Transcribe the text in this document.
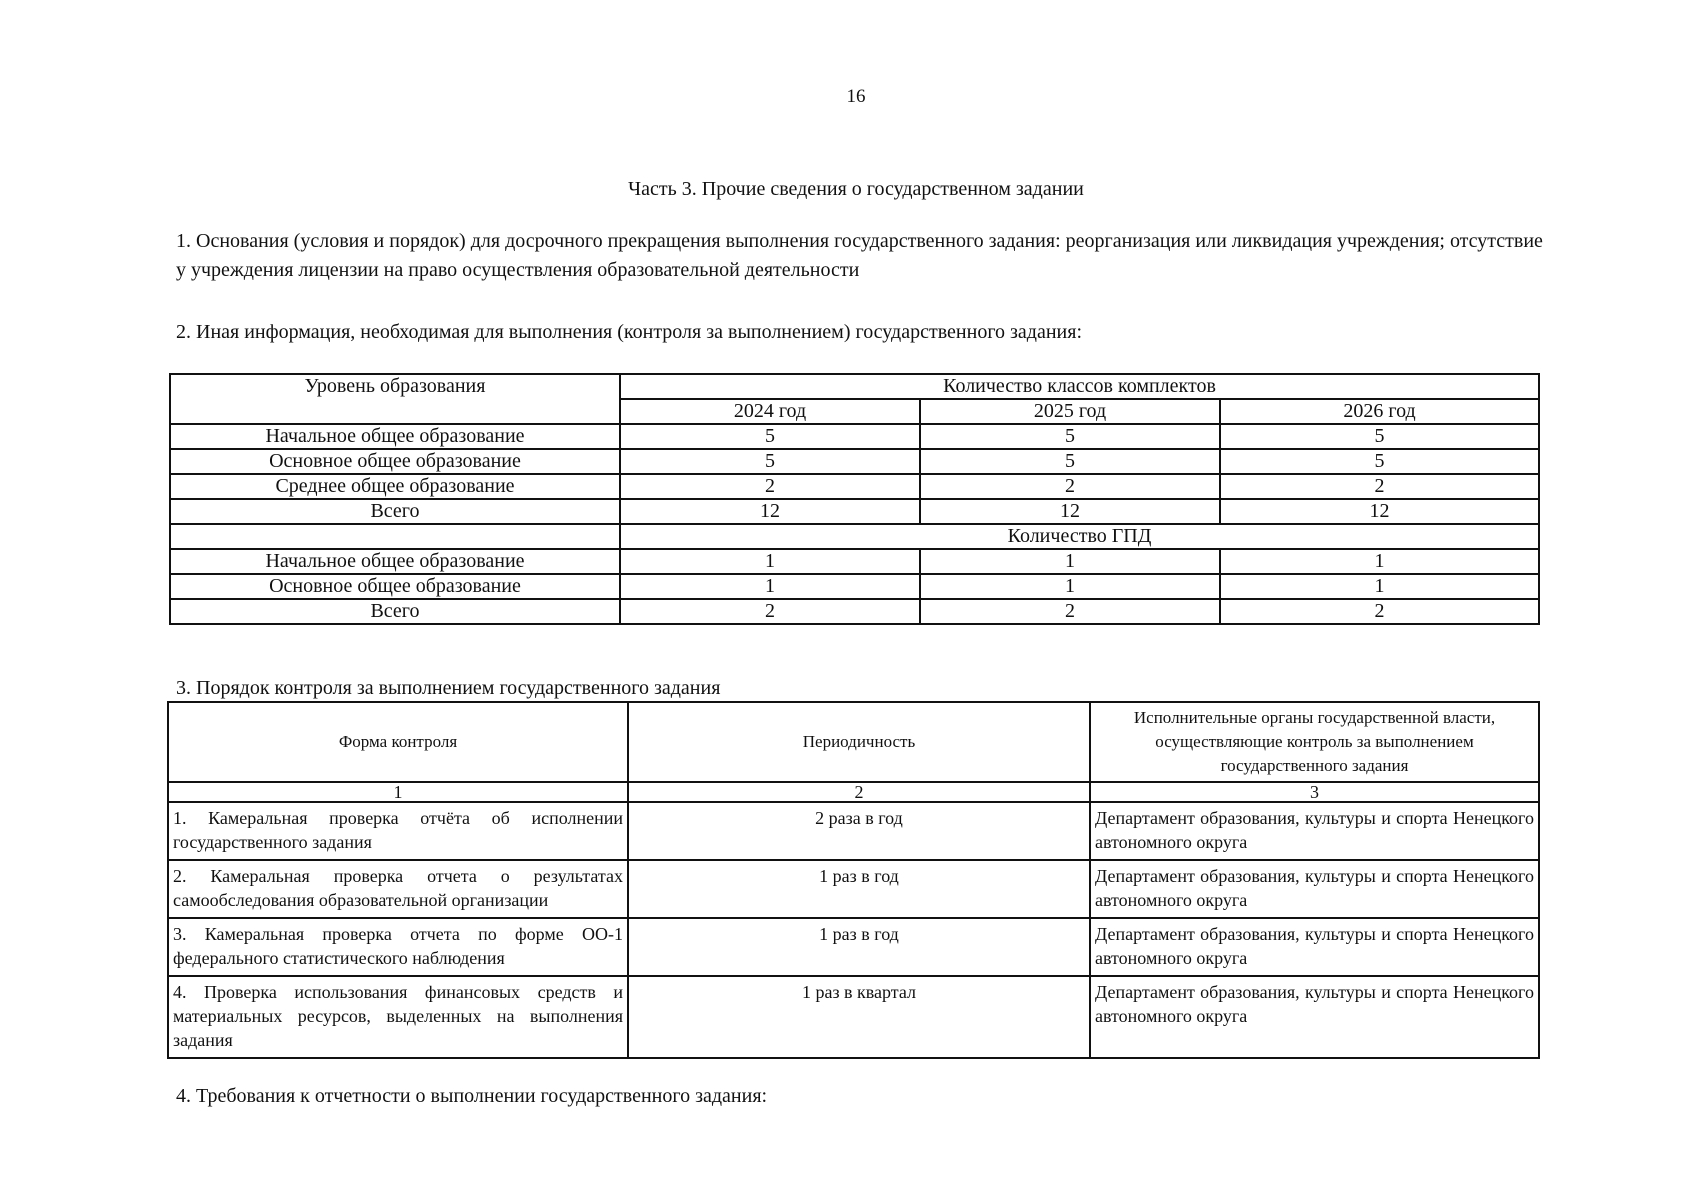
16
Часть 3. Прочие сведения о государственном задании
1. Основания (условия и порядок) для досрочного прекращения выполнения государственного задания: реорганизация или ликвидация учреждения; отсутствие у учреждения лицензии на право осуществления образовательной деятельности
2. Иная информация, необходимая для выполнения (контроля за выполнением) государственного задания:
Уровень образования	Количество классов комплектов		
	2024 год	2025 год	2026 год
Начальное общее образование	5	5	5
Основное общее образование	5	5	5
Среднее общее образование	2	2	2
Всего	12	12	12
	Количество ГПД		
Начальное общее образование	1	1	1
Основное общее образование	1	1	1
Всего	2	2	2
3. Порядок контроля за выполнением государственного задания
Форма контроля	Периодичность	Исполнительные органы государственной власти, осуществляющие контроль за выполнением государственного задания
1	2	3
1. Камеральная проверка отчёта об исполнении государственного задания	2 раза в год	Департамент образования, культуры и спорта Ненецкого автономного округа
2. Камеральная проверка отчета о результатах самообследования образовательной организации	1 раз в год	Департамент образования, культуры и спорта Ненецкого автономного округа
3. Камеральная проверка отчета по форме ОО-1 федерального статистического наблюдения	1 раз в год	Департамент образования, культуры и спорта Ненецкого автономного округа
4. Проверка использования финансовых средств и материальных ресурсов, выделенных на выполнения задания	1 раз в квартал	Департамент образования, культуры и спорта Ненецкого автономного округа
4. Требования к отчетности о выполнении государственного задания:
